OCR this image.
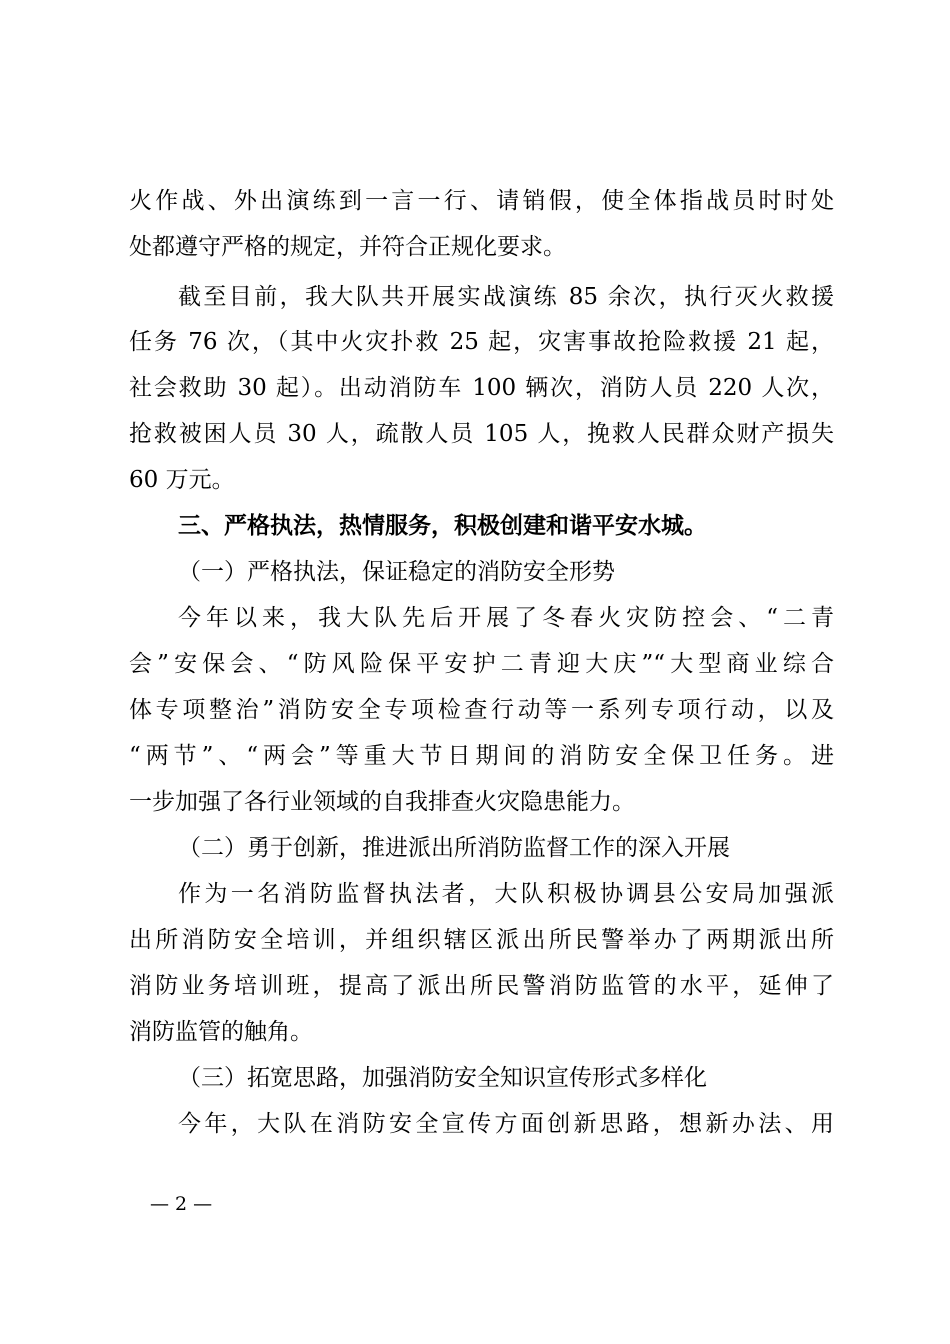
火作战、外出演练到一言一行、请销假，使全体指战员时时处
处都遵守严格的规定，并符合正规化要求。
截至目前，我大队共开展实战演练 85 余次，执行灭火救援
任务 76 次，（其中火灾扑救 25 起，灾害事故抢险救援 21 起，
社会救助 30 起）。出动消防车 100 辆次，消防人员 220 人次，
抢救被困人员 30 人，疏散人员 105 人，挽救人民群众财产损失
60 万元。
三、严格执法，热情服务，积极创建和谐平安水城。
（一）严格执法，保证稳定的消防安全形势
今年以来，我大队先后开展了冬春火灾防控会、“二青
会”安保会、“防风险保平安护二青迎大庆”“大型商业综合
体专项整治”消防安全专项检查行动等一系列专项行动，以及
“两节”、“两会”等重大节日期间的消防安全保卫任务。进
一步加强了各行业领域的自我排查火灾隐患能力。
（二）勇于创新，推进派出所消防监督工作的深入开展
作为一名消防监督执法者，大队积极协调县公安局加强派
出所消防安全培训，并组织辖区派出所民警举办了两期派出所
消防业务培训班，提高了派出所民警消防监管的水平，延伸了
消防监管的触角。
（三）拓宽思路，加强消防安全知识宣传形式多样化
今年，大队在消防安全宣传方面创新思路，想新办法、用
— 2 —
